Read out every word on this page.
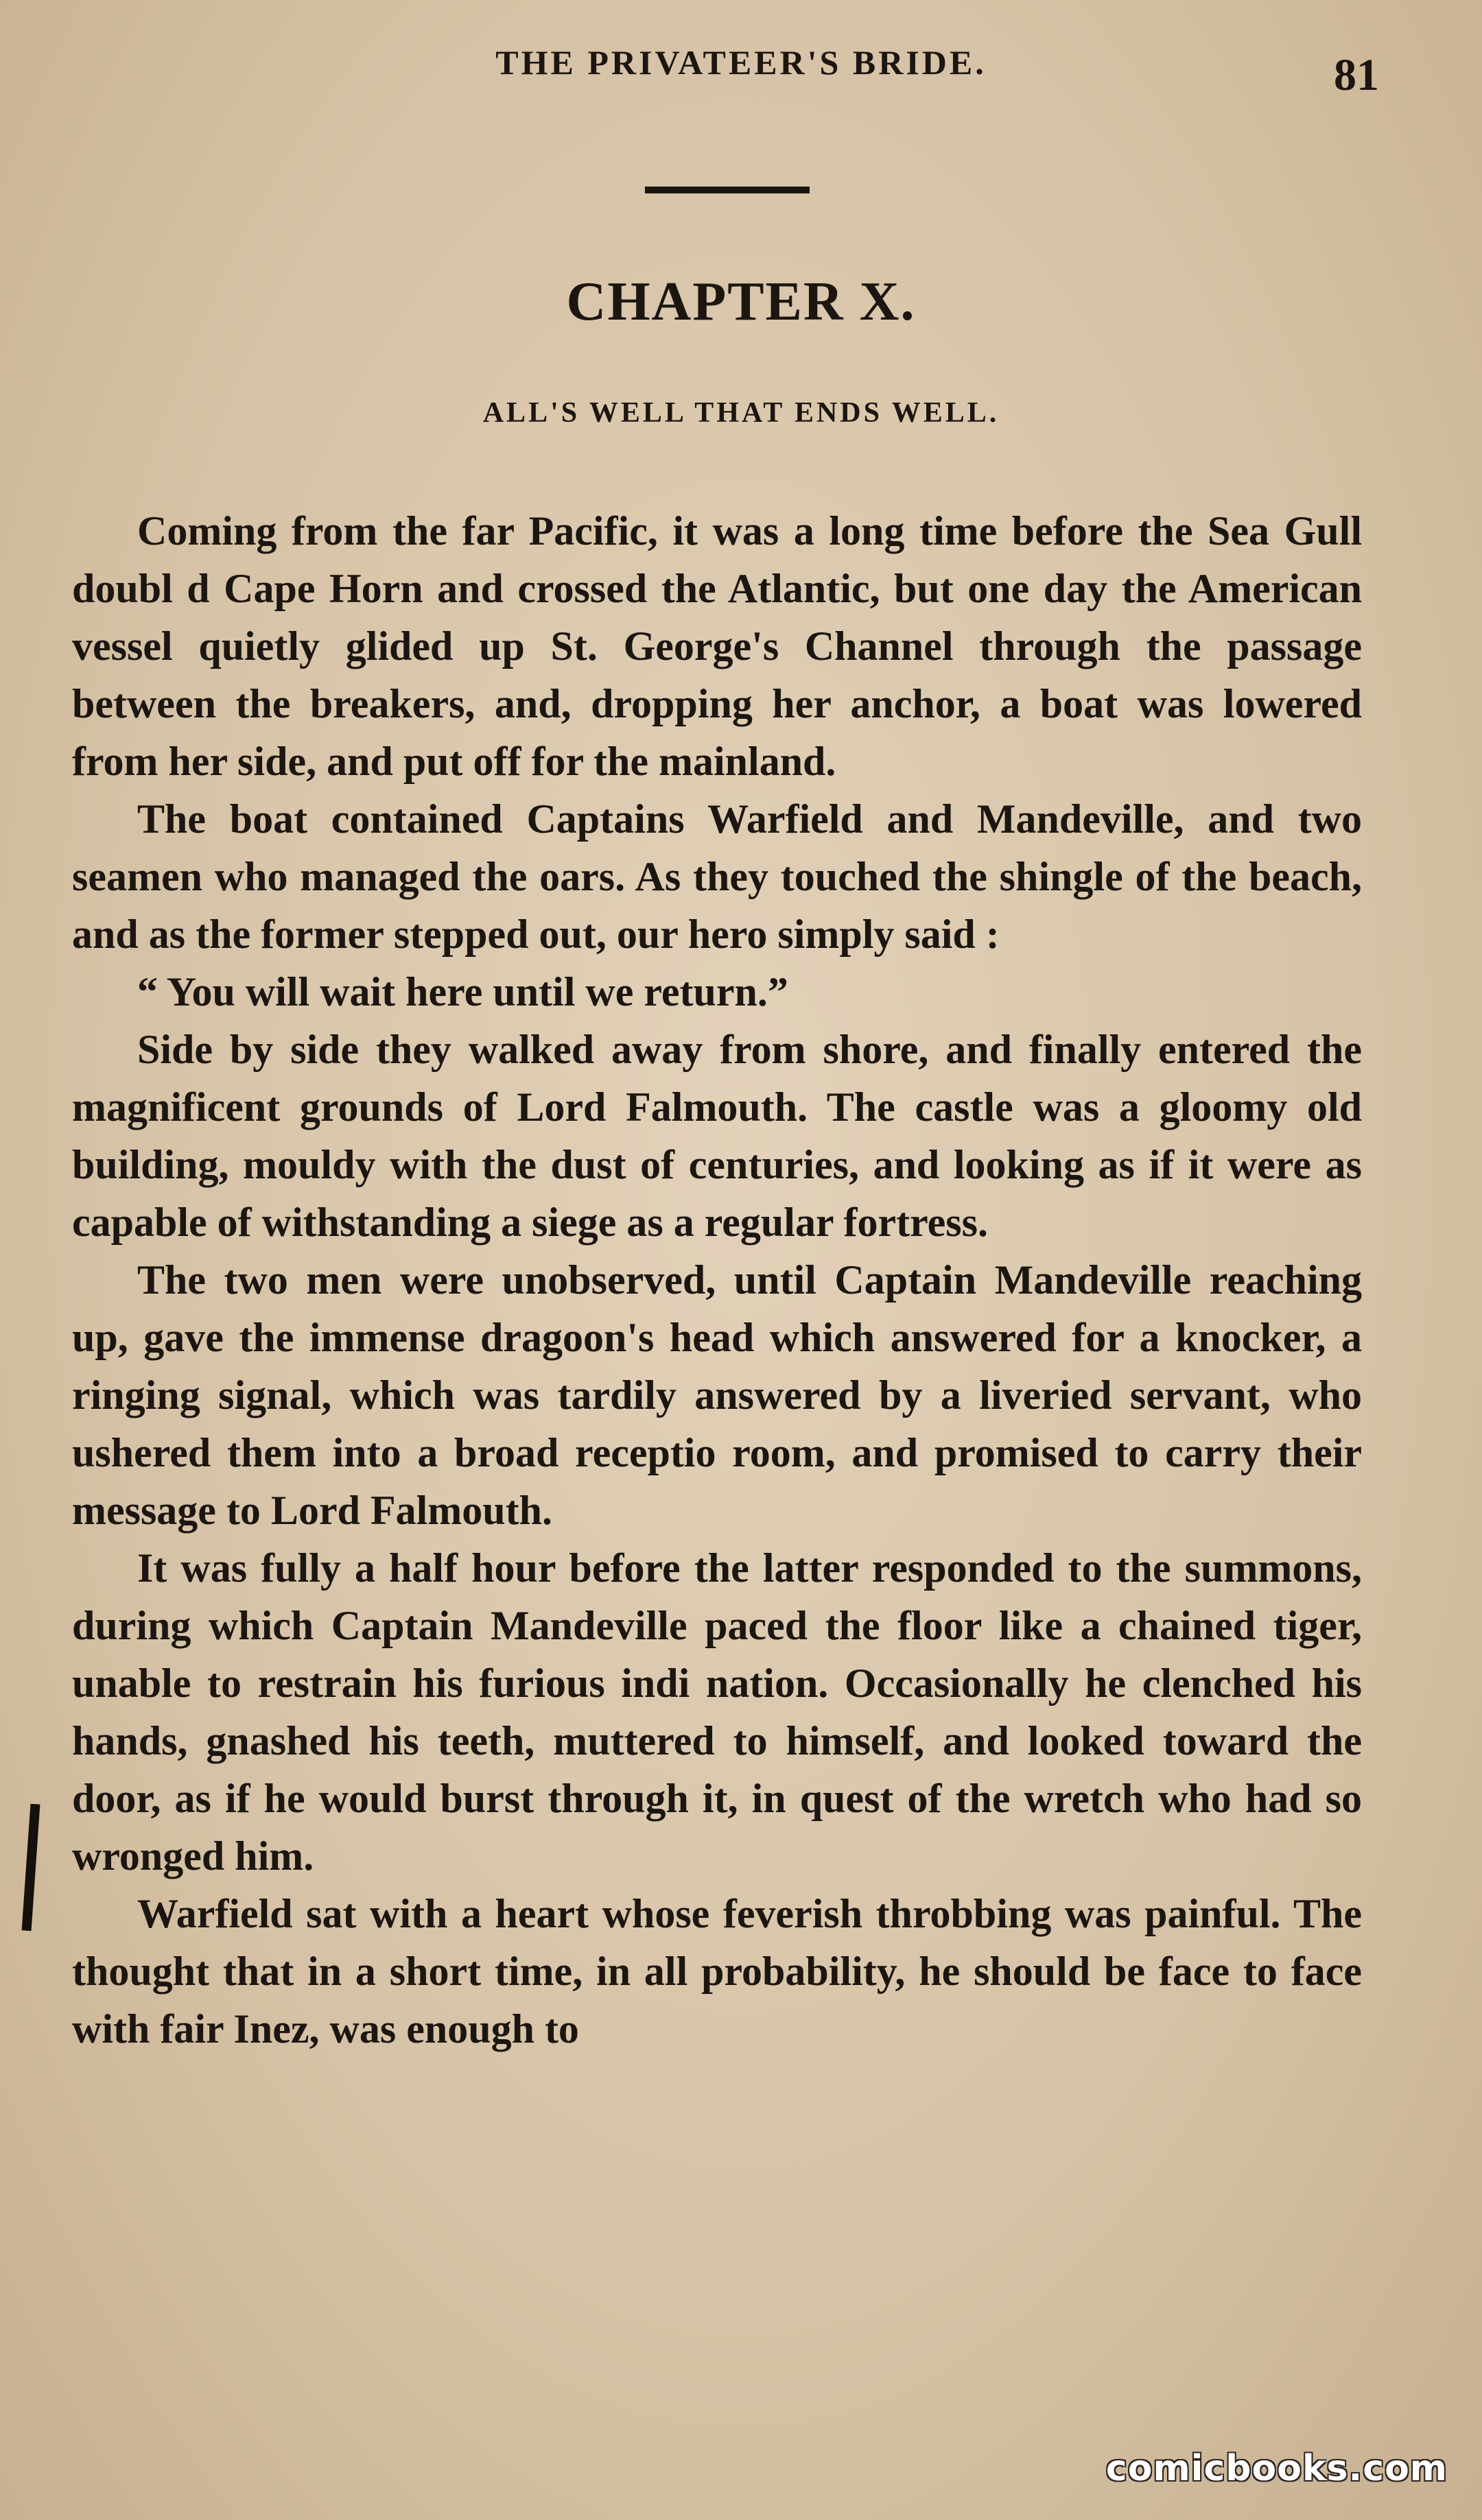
THE PRIVATEER'S BRIDE.	81
CHAPTER X.
ALL'S WELL THAT ENDS WELL.

Coming from the far Pacific, it was a long time before the Sea Gull doubl d Cape Horn and crossed the Atlantic, but one day the American vessel quietly glided up St. George's Channel through the passage between the breakers, and, dropping her anchor, a boat was lowered from her side, and put off for the mainland.

The boat contained Captains Warfield and Mandeville, and two seamen who managed the oars. As they touched the shingle of the beach, and as the former stepped out, our hero simply said :

“ You will wait here until we return.”

Side by side they walked away from shore, and finally entered the magnificent grounds of Lord Falmouth. The castle was a gloomy old building, mouldy with the dust of centuries, and looking as if it were as capable of withstanding a siege as a regular fortress.

The two men were unobserved, until Captain Mandeville reaching up, gave the immense dragoon's head which answered for a knocker, a ringing signal, which was tardily answered by a liveried servant, who ushered them into a broad receptio room, and promised to carry their message to Lord Falmouth.

It was fully a half hour before the latter responded to the summons, during which Captain Mandeville paced the floor like a chained tiger, unable to restrain his furious indi nation. Occasionally he clenched his hands, gnashed his teeth, muttered to himself, and looked toward the door, as if he would burst through it, in quest of the wretch who had so wronged him.

Warfield sat with a heart whose feverish throbbing was painful. The thought that in a short time, in all probability, he should be face to face with fair Inez, was enough to

comicbooks.com
